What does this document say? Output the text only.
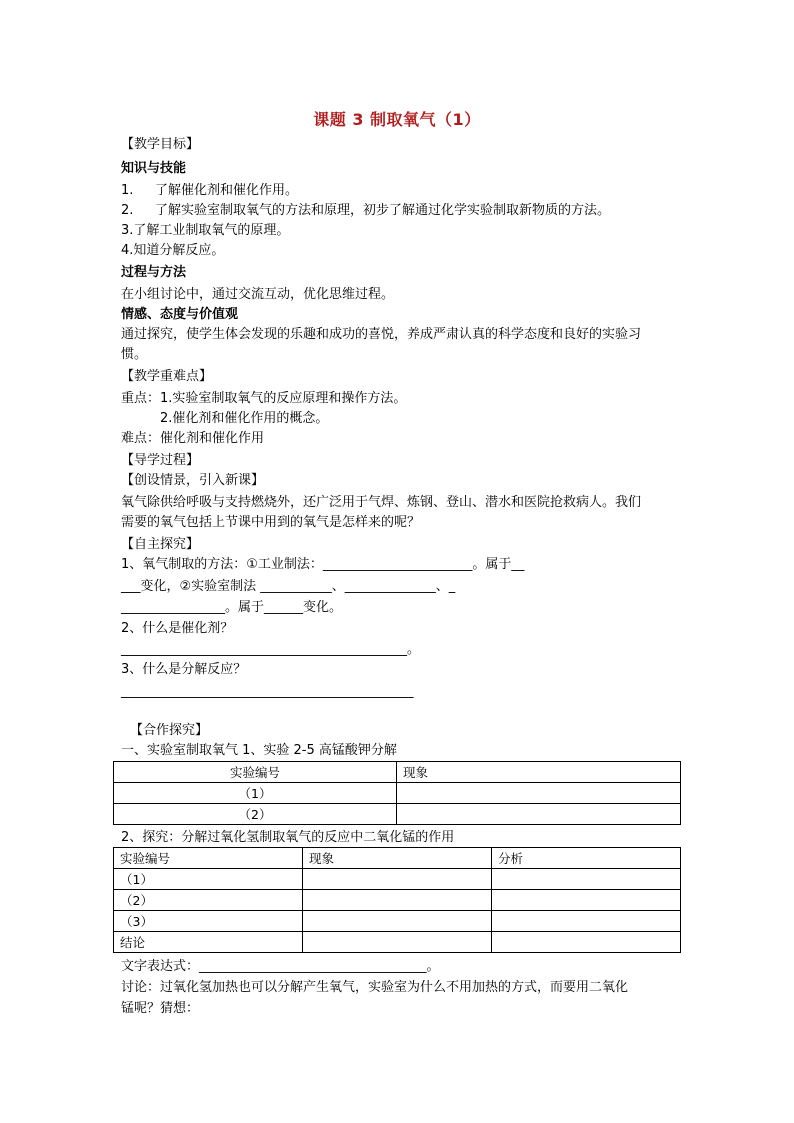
课题 3 制取氧气（1）
【教学目标】
知识与技能
1. 了解催化剂和催化作用。
2. 了解实验室制取氧气的方法和原理，初步了解通过化学实验制取新物质的方法。
3.了解工业制取氧气的原理。
4.知道分解反应。
过程与方法
在小组讨论中，通过交流互动，优化思维过程。
情感、态度与价值观
通过探究，使学生体会发现的乐趣和成功的喜悦，养成严肃认真的科学态度和良好的实验习
惯。
【教学重难点】
重点：1.实验室制取氧气的反应原理和操作方法。
2.催化剂和催化作用的概念。
难点：催化剂和催化作用
【导学过程】
【创设情景，引入新课】
氧气除供给呼吸与支持燃烧外，还广泛用于气焊、炼钢、登山、潜水和医院抢救病人。我们
需要的氧气包括上节课中用到的氧气是怎样来的呢？
【自主探究】
1、氧气制取的方法：①工业制法：_______________________。属于__
___变化，②实验室制法 ___________、______________、_
________________。属于______变化。
2、什么是催化剂？
____________________________________________。
3、什么是分解反应？
_____________________________________________
【合作探究】
一、实验室制取氧气 1、实验 2-5 高锰酸钾分解
实验编号	现象
（1）	
（2）	
2、探究：分解过氧化氢制取氧气的反应中二氧化锰的作用
实验编号	现象	分析
（1）		
（2）		
（3）		
结论		
文字表达式：___________________________________。
讨论：过氧化氢加热也可以分解产生氧气，实验室为什么不用加热的方式，而要用二氧化
锰呢？猜想：
